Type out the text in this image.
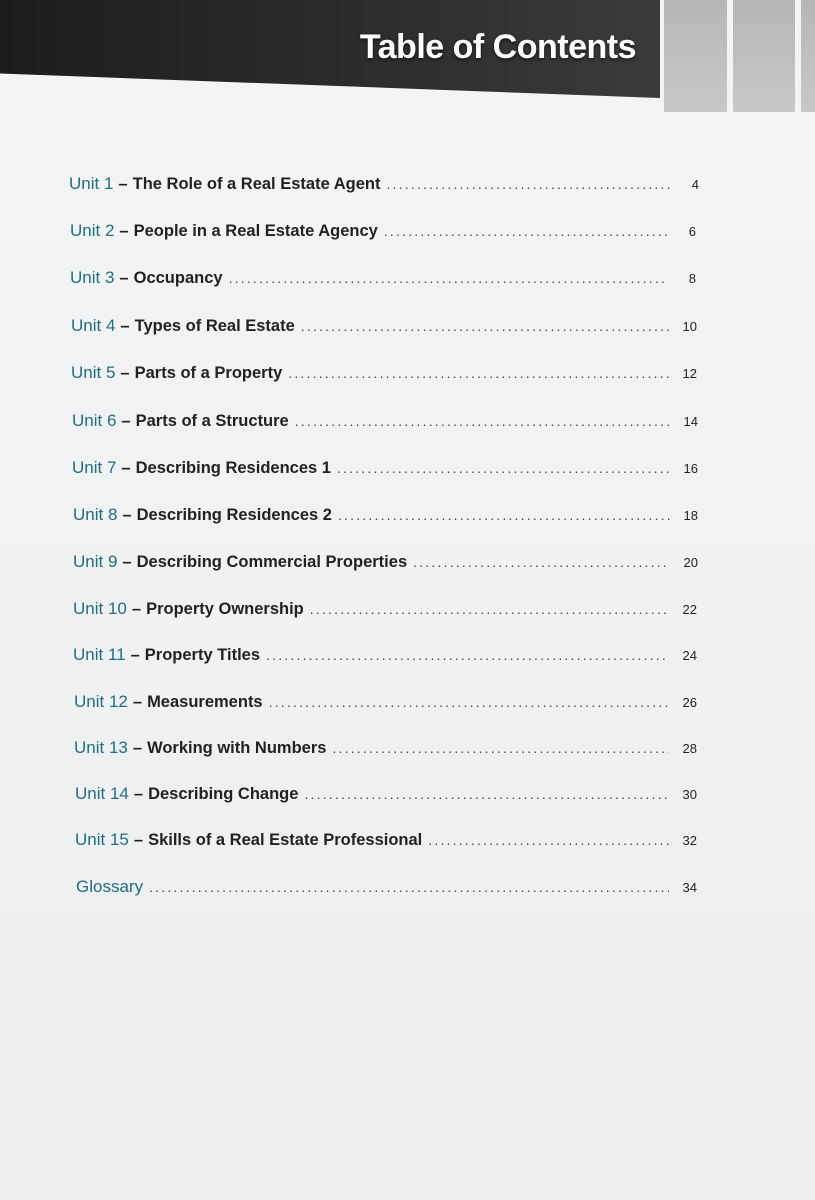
Table of Contents
Unit 1 – The Role of a Real Estate Agent .....	4
Unit 2 – People in a Real Estate Agency .....	6
Unit 3 – Occupancy .....	8
Unit 4 – Types of Real Estate .....	10
Unit 5 – Parts of a Property .....	12
Unit 6 – Parts of a Structure .....	14
Unit 7 – Describing Residences 1 .....	16
Unit 8 – Describing Residences 2 .....	18
Unit 9 – Describing Commercial Properties .....	20
Unit 10 – Property Ownership .....	22
Unit 11 – Property Titles .....	24
Unit 12 – Measurements .....	26
Unit 13 – Working with Numbers .....	28
Unit 14 – Describing Change .....	30
Unit 15 – Skills of a Real Estate Professional .....	32
Glossary .....	34
